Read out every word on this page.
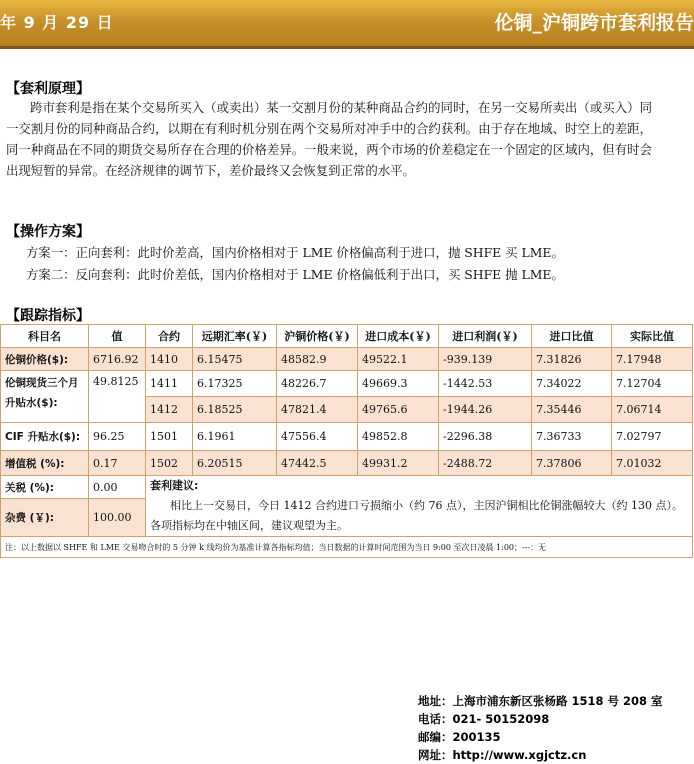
年 9 月 29 日	伦铜_沪铜跨市套利报告
【套利原理】
跨市套利是指在某个交易所买入（或卖出）某一交割月份的某种商品合约的同时，在另一交易所卖出（或买入）同一交割月份的同种商品合约，以期在有利时机分别在两个交易所对冲手中的合约获利。由于存在地域、时空上的差距，同一种商品在不同的期货交易所存在合理的价格差异。一般来说，两个市场的价差稳定在一个固定的区域内，但有时会出现短暂的异常。在经济规律的调节下，差价最终又会恢复到正常的水平。
【操作方案】
方案一：正向套利：此时价差高，国内价格相对于 LME 价格偏高利于进口，抛 SHFE 买 LME。
方案二：反向套利：此时价差低，国内价格相对于 LME 价格偏低利于出口，买 SHFE 抛 LME。
【跟踪指标】
科目名	值	合约	远期汇率(￥)	沪铜价格(￥)	进口成本(￥)	进口利润(￥)	进口比值	实际比值
伦铜价格($):	6716.92	1410	6.15475	48582.9	49522.1	-939.139	7.31826	7.17948
伦铜现货三个月升贴水($):	49.8125	1411	6.17325	48226.7	49669.3	-1442.53	7.34022	7.12704
		1412	6.18525	47821.4	49765.6	-1944.26	7.35446	7.06714
CIF 升贴水($):	96.25	1501	6.1961	47556.4	49852.8	-2296.38	7.36733	7.02797
增值税 (%):	0.17	1502	6.20515	47442.5	49931.2	-2488.72	7.37806	7.01032
关税 (%):	0.00	套利建议:
相比上一交易日，今日 1412 合约进口亏损缩小（约 76 点），主因沪铜相比伦铜涨幅较大（约 130 点）。各项指标均在中轴区间，建议观望为主。						

杂费 (￥):	100.00							
注：以上数据以 SHFE 和 LME 交易吻合时的 5 分钟 k 线均价为基准计算各指标均值；当日数据的计算时间范围为当日 9:00 至次日凌晨 1:00；---：无								
地址：上海市浦东新区张杨路 1518 号 208 室
电话：021- 50152098
邮编：200135
网址：http://www.xgjctz.cn
